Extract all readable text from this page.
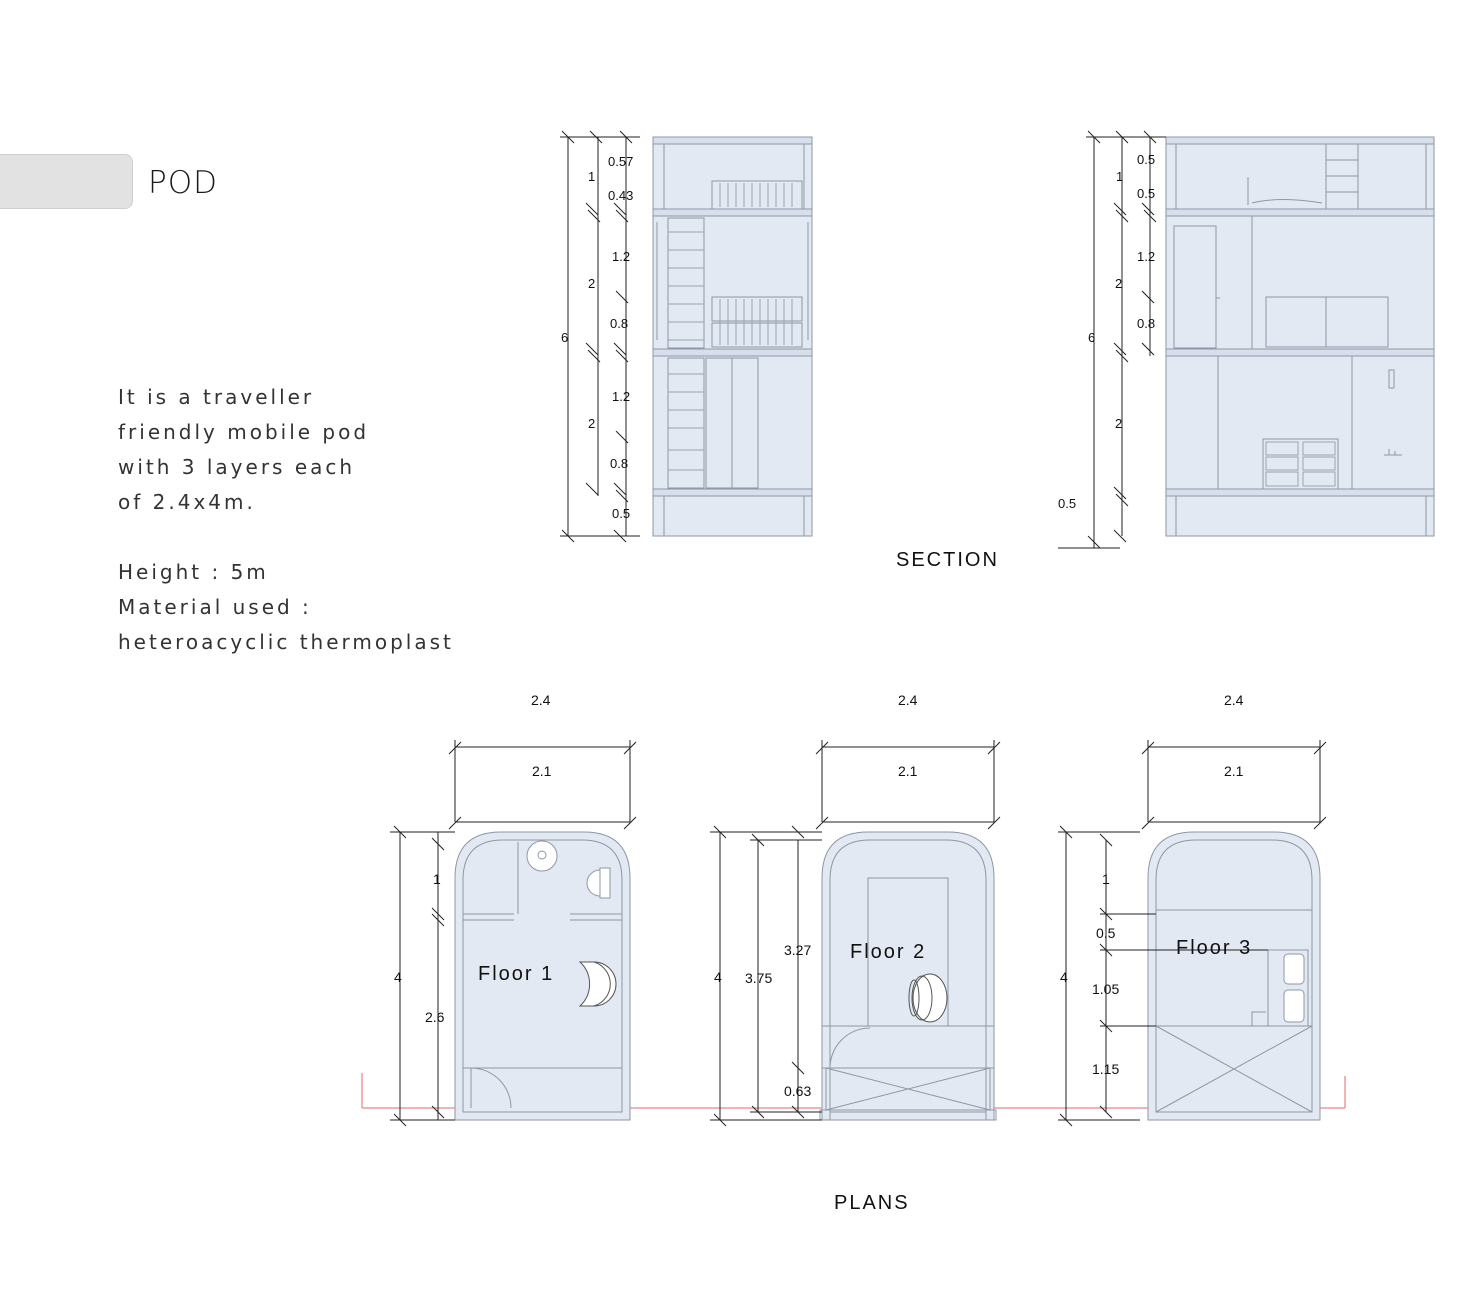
POD
It is a traveller
friendly mobile pod
with 3 layers each
of 2.4x4m.
Height : 5m
Material used :
heteroacyclic thermoplast
6
1
0.57
0.43
2
1.2
0.8
2
1.2
0.8
0.5
6
1
0.5
0.5
2
1.2
0.8
2
0.5
SECTION
2.4
2.1
4
1
2.6
Floor 1
2.4
2.1
4 3.75
3.27
0.63
Floor 2
2.4
2.1
4
1
0.5
1.05
1.15
Floor 3
PLANS
